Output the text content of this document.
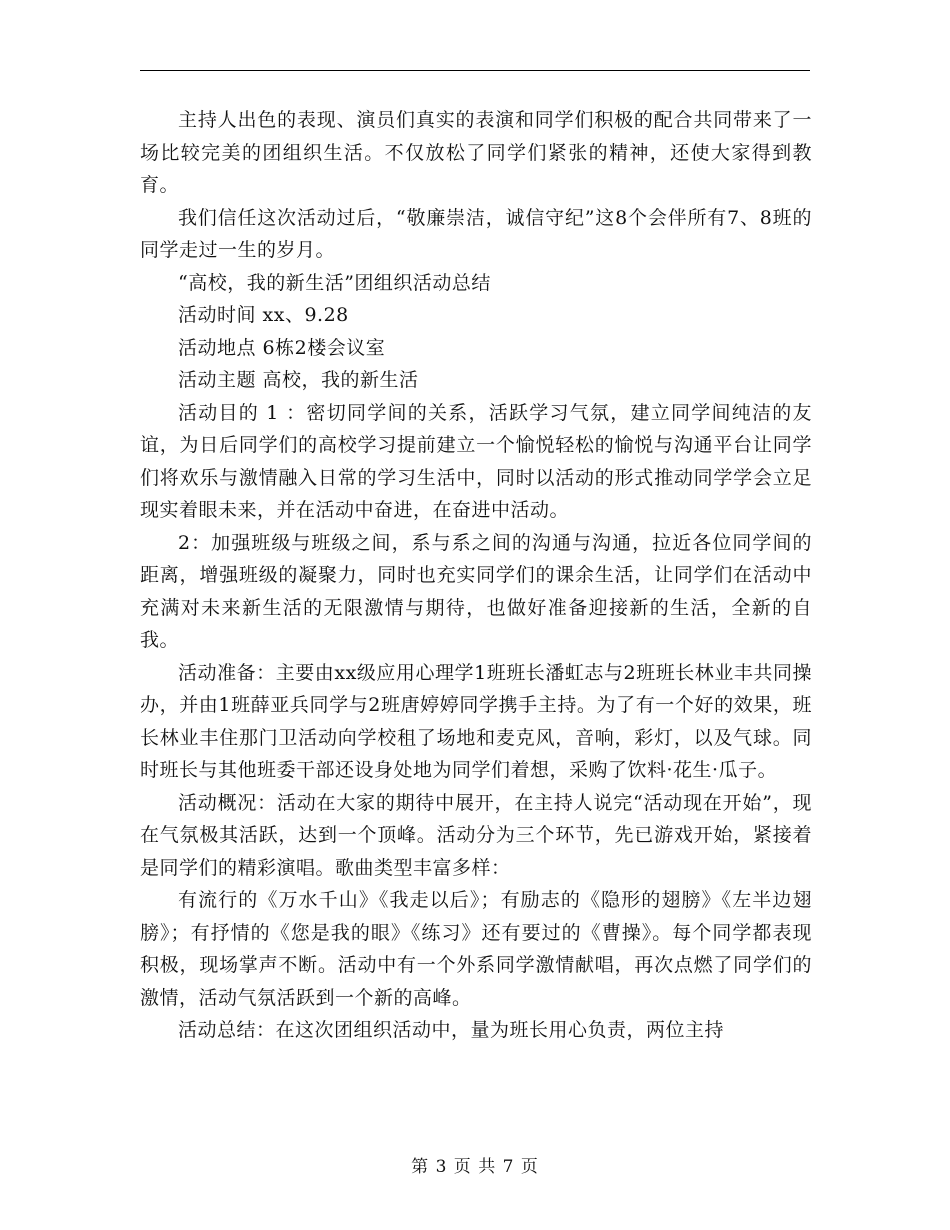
主持人出色的表现、演员们真实的表演和同学们积极的配合共同带来了一场比较完美的团组织生活。不仅放松了同学们紧张的精神，还使大家得到教育。

我们信任这次活动过后，“敬廉崇洁，诚信守纪”这8个会伴所有7、8班的同学走过一生的岁月。

“高校，我的新生活”团组织活动总结

活动时间 xx、9.28

活动地点 6栋2楼会议室

活动主题 高校，我的新生活

活动目的 1 ：密切同学间的关系，活跃学习气氛，建立同学间纯洁的友谊，为日后同学们的高校学习提前建立一个愉悦轻松的愉悦与沟通平台让同学们将欢乐与激情融入日常的学习生活中，同时以活动的形式推动同学学会立足现实着眼未来，并在活动中奋进，在奋进中活动。

2：加强班级与班级之间，系与系之间的沟通与沟通，拉近各位同学间的距离，增强班级的凝聚力，同时也充实同学们的课余生活，让同学们在活动中充满对未来新生活的无限激情与期待，也做好准备迎接新的生活，全新的自我。

活动准备：主要由xx级应用心理学1班班长潘虹志与2班班长林业丰共同操办，并由1班薛亚兵同学与2班唐婷婷同学携手主持。为了有一个好的效果，班长林业丰住那门卫活动向学校租了场地和麦克风，音响，彩灯，以及气球。同时班长与其他班委干部还设身处地为同学们着想，采购了饮料·花生·瓜子。

活动概况：活动在大家的期待中展开，在主持人说完“活动现在开始”，现在气氛极其活跃，达到一个顶峰。活动分为三个环节，先已游戏开始，紧接着是同学们的精彩演唱。歌曲类型丰富多样：

有流行的《万水千山》《我走以后》；有励志的《隐形的翅膀》《左半边翅膀》；有抒情的《您是我的眼》《练习》还有要过的《曹操》。每个同学都表现积极，现场掌声不断。活动中有一个外系同学激情献唱，再次点燃了同学们的激情，活动气氛活跃到一个新的高峰。

活动总结：在这次团组织活动中，量为班长用心负责，两位主持

第 3 页 共 7 页
